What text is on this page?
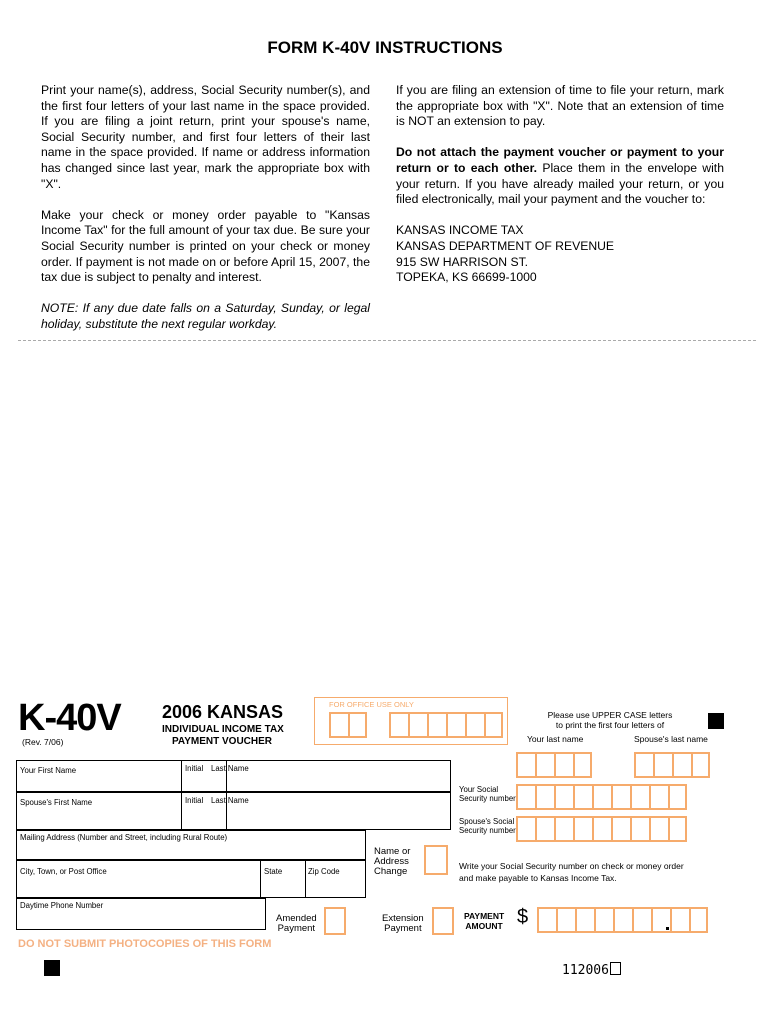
FORM K-40V INSTRUCTIONS

Print your name(s), address, Social Security number(s), and the first four letters of your last name in the space provided. If you are filing a joint return, print your spouse's name, Social Security number, and first four letters of their last name in the space provided. If name or address information has changed since last year, mark the appropriate box with "X".

Make your check or money order payable to "Kansas Income Tax" for the full amount of your tax due. Be sure your Social Security number is printed on your check or money order. If payment is not made on or before April 15, 2007, the tax due is subject to penalty and interest.

NOTE: If any due date falls on a Saturday, Sunday, or legal holiday, substitute the next regular workday.

If you are filing an extension of time to file your return, mark the appropriate box with "X". Note that an extension of time is NOT an extension to pay.

Do not attach the payment voucher or payment to your return or to each other. Place them in the envelope with your return. If you have already mailed your return, or you filed electronically, mail your payment and the voucher to:

KANSAS INCOME TAX
KANSAS DEPARTMENT OF REVENUE
915 SW HARRISON ST.
TOPEKA, KS 66699-1000

K-40V
(Rev. 7/06)
2006 KANSAS
INDIVIDUAL INCOME TAX
PAYMENT VOUCHER
FOR OFFICE USE ONLY
Please use UPPER CASE letters
to print the first four letters of
Your last name	Spouse's last name
Your First Name	Initial Last Name
Spouse's First Name	Initial Last Name
Your Social
Security number
Spouse's Social
Security number
Mailing Address (Number and Street, including Rural Route)
City, Town, or Post Office	State	Zip Code
Daytime Phone Number
Name or
Address
Change	Write your Social Security number on check or money order
and make payable to Kansas Income Tax.
Amended
Payment
Extension
Payment
PAYMENT
AMOUNT $
DO NOT SUBMIT PHOTOCOPIES OF THIS FORM
112006
